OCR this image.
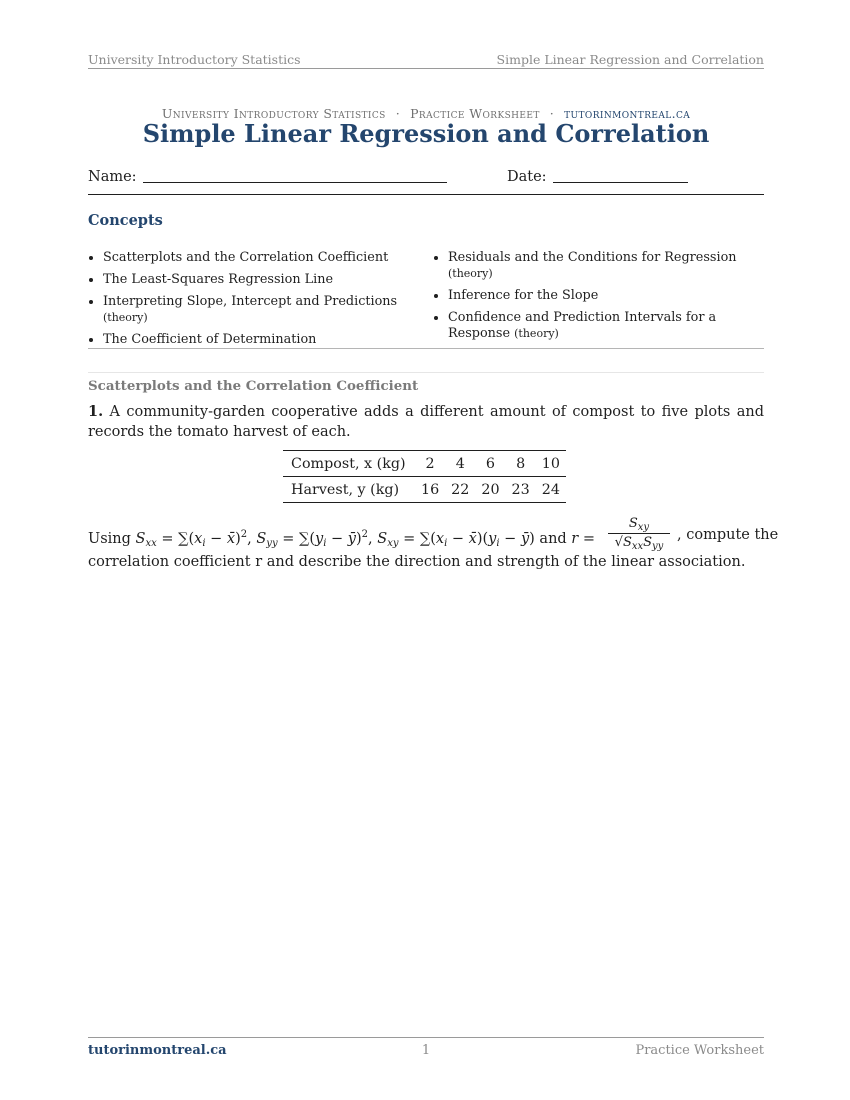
University Introductory Statistics	Simple Linear Regression and Correlation
University Introductory Statistics · Practice Worksheet · tutorinmontreal.ca
Simple Linear Regression and Correlation
Name:	Date:
Concepts
Scatterplots and the Correlation Coefficient
The Least-Squares Regression Line
Interpreting Slope, Intercept and Predictions (theory)
The Coefficient of Determination
Residuals and the Conditions for Regression (theory)
Inference for the Slope
Confidence and Prediction Intervals for a Response (theory)
Scatterplots and the Correlation Coefficient
1. A community-garden cooperative adds a different amount of compost to five plots and records the tomato harvest of each.
Compost, x (kg)	2	4	6	8	10
Harvest, y (kg)	16	22	20	23	24
Using $S_{xx} = \sum(x_i$ − x̄)$^2$, $S_{yy} = \sum(y_i$ − ȳ)$^2$, $S_{xy} = \sum(x_i$ − $x̄)(y_i$ − ȳ) and r =
$S_{xy}$
$√S_{xx}S_{yy}$
, compute the
correlation coefficient r and describe the direction and strength of the linear association.
tutorinmontreal.ca	1	Practice Worksheet
